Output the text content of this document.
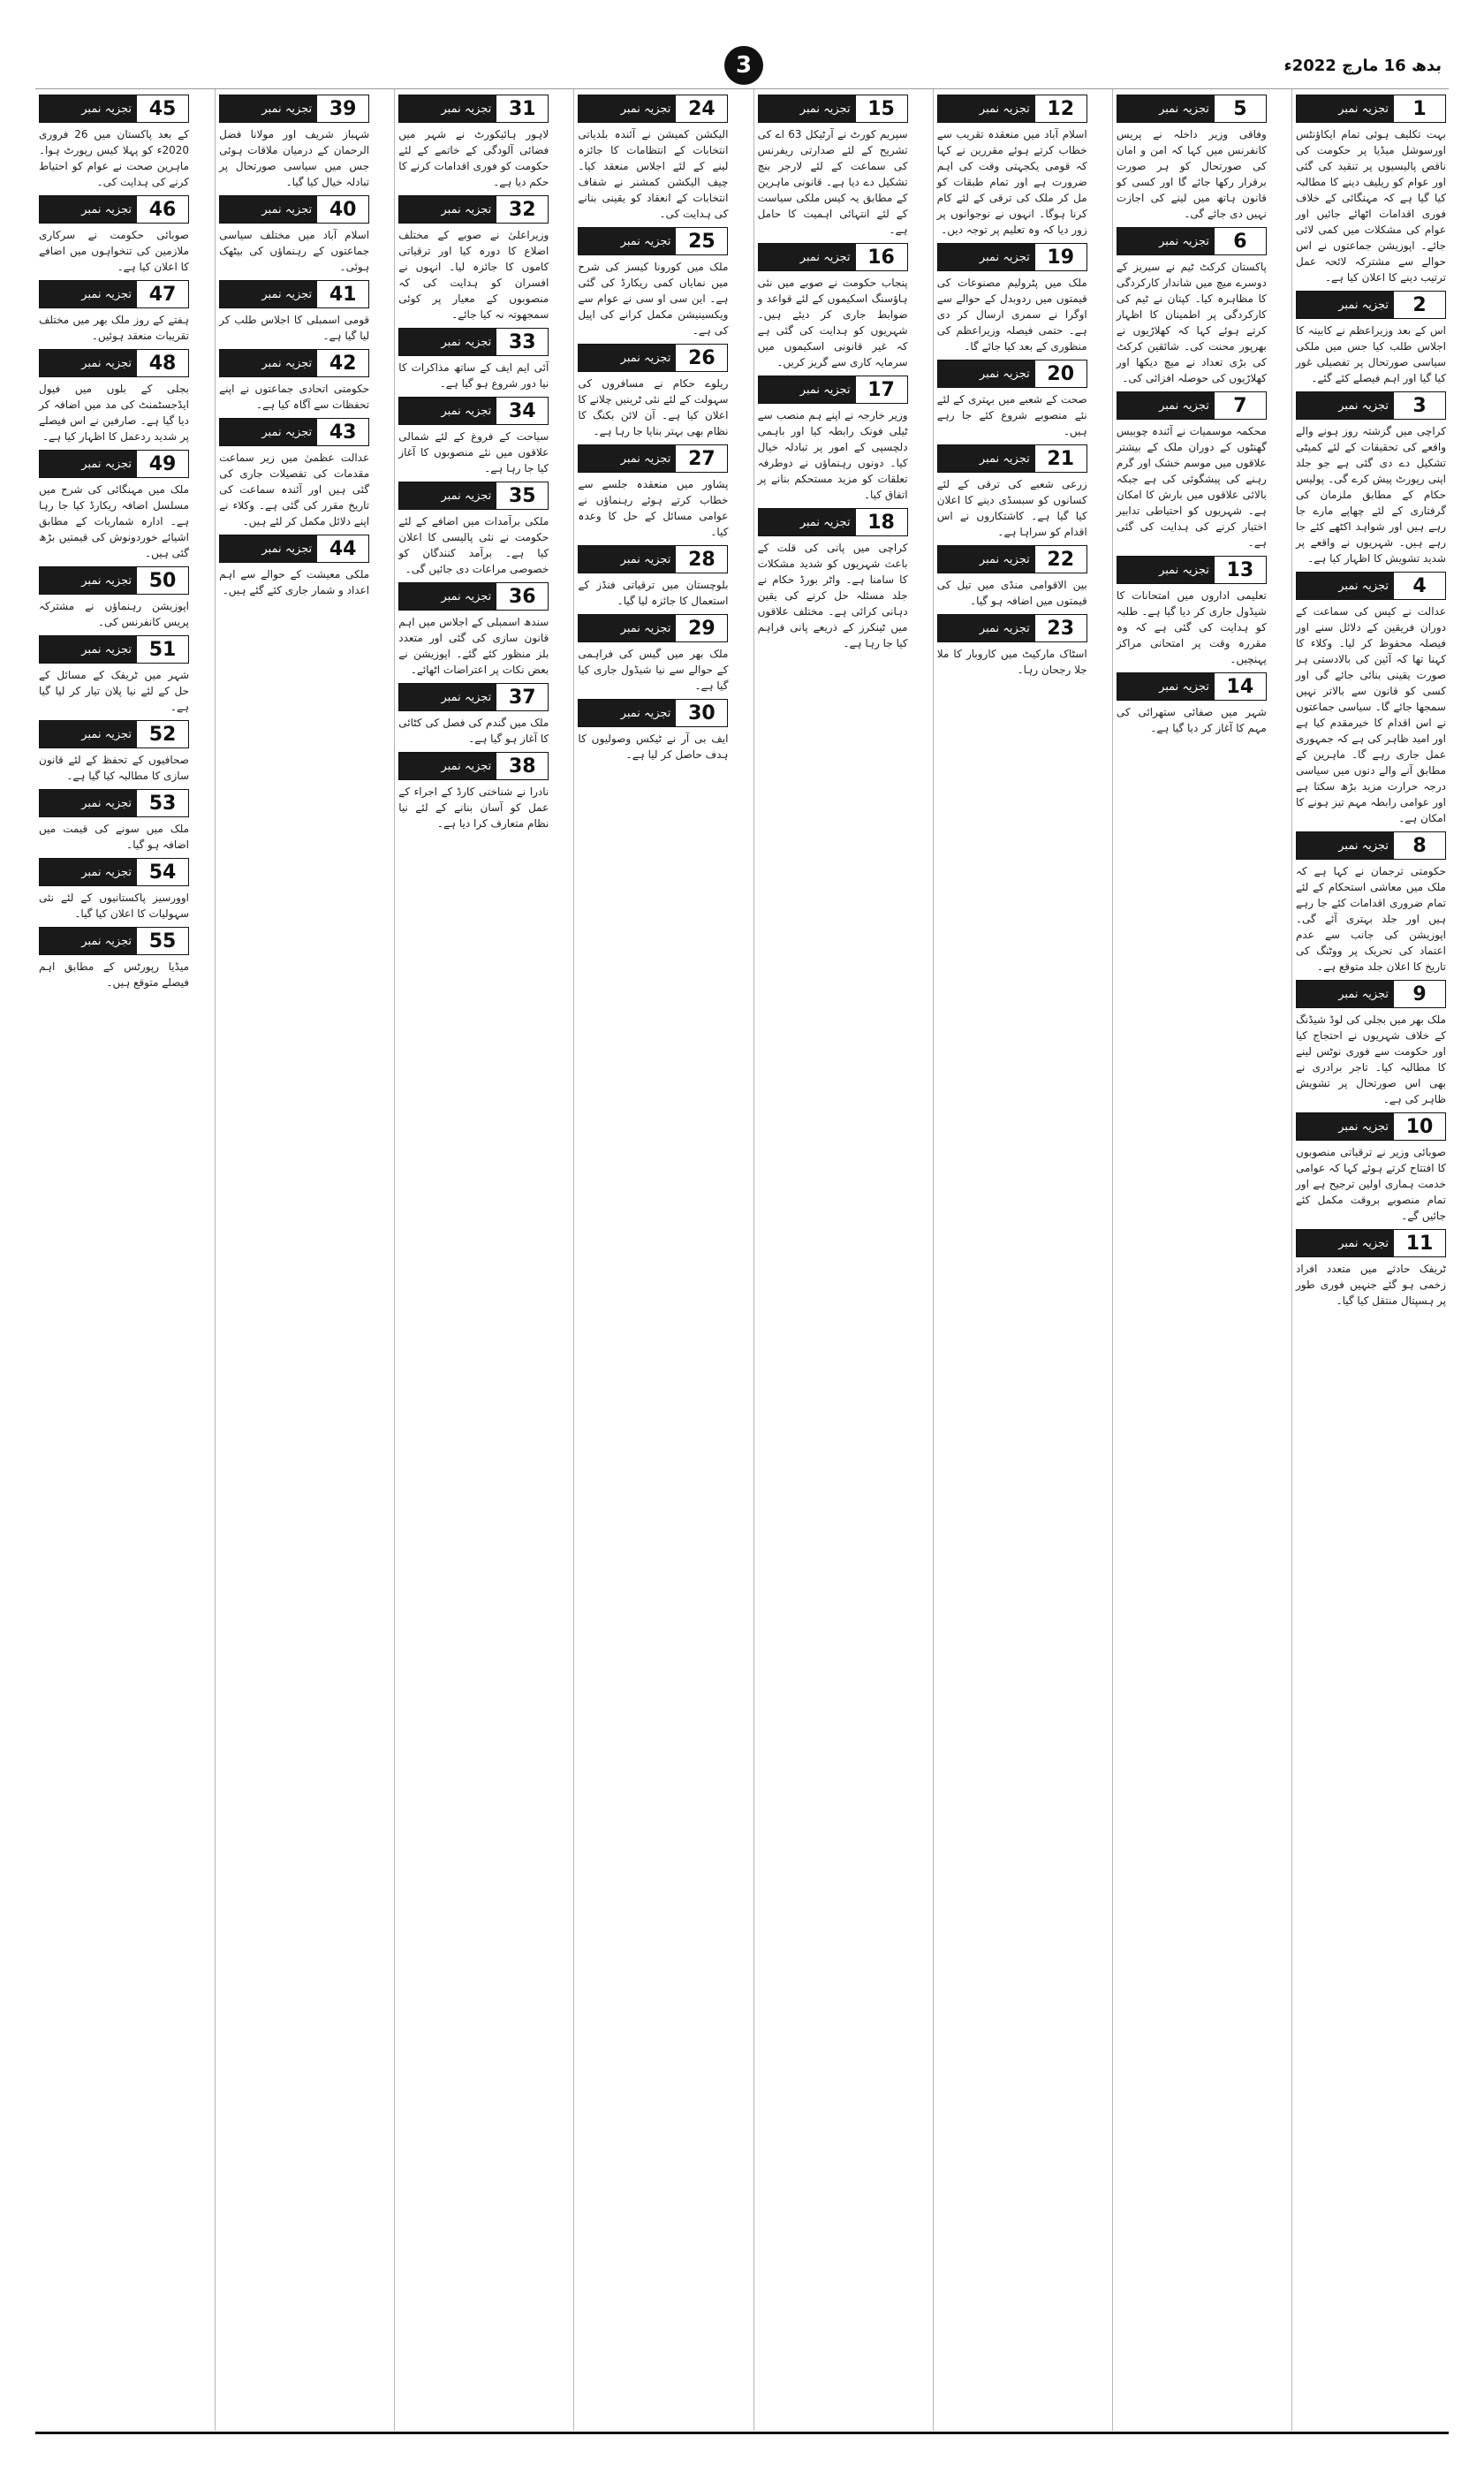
3	بدھ 16 مارچ 2022ء
تجزیہ نمبر	1

بہت تکلیف ہوئی تمام ایکاؤنٹس اورسوشل میڈیا پر حکومت کی ناقص پالیسیوں پر تنقید کی گئی اور عوام کو ریلیف دینے کا مطالبہ کیا گیا ہے کہ مہنگائی کے خلاف فوری اقدامات اٹھائے جائیں اور عوام کی مشکلات میں کمی لائی جائے۔ اپوزیشن جماعتوں نے اس حوالے سے مشترکہ لائحہ عمل ترتیب دینے کا اعلان کیا ہے۔

تجزیہ نمبر	2

اس کے بعد وزیراعظم نے کابینہ کا اجلاس طلب کیا جس میں ملکی سیاسی صورتحال پر تفصیلی غور کیا گیا اور اہم فیصلے کئے گئے۔

تجزیہ نمبر	3

کراچی میں گزشتہ روز ہونے والے واقعے کی تحقیقات کے لئے کمیٹی تشکیل دے دی گئی ہے جو جلد اپنی رپورٹ پیش کرے گی۔ پولیس حکام کے مطابق ملزمان کی گرفتاری کے لئے چھاپے مارے جا رہے ہیں اور شواہد اکٹھے کئے جا رہے ہیں۔ شہریوں نے واقعے پر شدید تشویش کا اظہار کیا ہے۔

تجزیہ نمبر	4

عدالت نے کیس کی سماعت کے دوران فریقین کے دلائل سنے اور فیصلہ محفوظ کر لیا۔ وکلاء کا کہنا تھا کہ آئین کی بالادستی ہر صورت یقینی بنائی جائے گی اور کسی کو قانون سے بالاتر نہیں سمجھا جائے گا۔ سیاسی جماعتوں نے اس اقدام کا خیرمقدم کیا ہے اور امید ظاہر کی ہے کہ جمہوری عمل جاری رہے گا۔ ماہرین کے مطابق آنے والے دنوں میں سیاسی درجہ حرارت مزید بڑھ سکتا ہے اور عوامی رابطہ مہم تیز ہونے کا امکان ہے۔

تجزیہ نمبر	8

حکومتی ترجمان نے کہا ہے کہ ملک میں معاشی استحکام کے لئے تمام ضروری اقدامات کئے جا رہے ہیں اور جلد بہتری آئے گی۔ اپوزیشن کی جانب سے عدم اعتماد کی تحریک پر ووٹنگ کی تاریخ کا اعلان جلد متوقع ہے۔

تجزیہ نمبر	9

ملک بھر میں بجلی کی لوڈ شیڈنگ کے خلاف شہریوں نے احتجاج کیا اور حکومت سے فوری نوٹس لینے کا مطالبہ کیا۔ تاجر برادری نے بھی اس صورتحال پر تشویش ظاہر کی ہے۔

تجزیہ نمبر 10

صوبائی وزیر نے ترقیاتی منصوبوں کا افتتاح کرتے ہوئے کہا کہ عوامی خدمت ہماری اولین ترجیح ہے اور تمام منصوبے بروقت مکمل کئے جائیں گے۔

تجزیہ نمبر 11

ٹریفک حادثے میں متعدد افراد زخمی ہو گئے جنہیں فوری طور پر ہسپتال منتقل کیا گیا۔

تجزیہ نمبر	5

وفاقی وزیر داخلہ نے پریس کانفرنس میں کہا کہ امن و امان کی صورتحال کو ہر صورت برقرار رکھا جائے گا اور کسی کو قانون ہاتھ میں لینے کی اجازت نہیں دی جائے گی۔

تجزیہ نمبر	6

پاکستان کرکٹ ٹیم نے سیریز کے دوسرے میچ میں شاندار کارکردگی کا مظاہرہ کیا۔ کپتان نے ٹیم کی کارکردگی پر اطمینان کا اظہار کرتے ہوئے کہا کہ کھلاڑیوں نے بھرپور محنت کی۔ شائقین کرکٹ کی بڑی تعداد نے میچ دیکھا اور کھلاڑیوں کی حوصلہ افزائی کی۔

تجزیہ نمبر	7

محکمہ موسمیات نے آئندہ چوبیس گھنٹوں کے دوران ملک کے بیشتر علاقوں میں موسم خشک اور گرم رہنے کی پیشگوئی کی ہے جبکہ بالائی علاقوں میں بارش کا امکان ہے۔ شہریوں کو احتیاطی تدابیر اختیار کرنے کی ہدایت کی گئی ہے۔

تجزیہ نمبر 13

تعلیمی اداروں میں امتحانات کا شیڈول جاری کر دیا گیا ہے۔ طلبہ کو ہدایت کی گئی ہے کہ وہ مقررہ وقت پر امتحانی مراکز پہنچیں۔

تجزیہ نمبر 14

شہر میں صفائی ستھرائی کی مہم کا آغاز کر دیا گیا ہے۔

تجزیہ نمبر 12

اسلام آباد میں منعقدہ تقریب سے خطاب کرتے ہوئے مقررین نے کہا کہ قومی یکجہتی وقت کی اہم ضرورت ہے اور تمام طبقات کو مل کر ملک کی ترقی کے لئے کام کرنا ہوگا۔ انہوں نے نوجوانوں پر زور دیا کہ وہ تعلیم پر توجہ دیں۔

تجزیہ نمبر 19

ملک میں پٹرولیم مصنوعات کی قیمتوں میں ردوبدل کے حوالے سے اوگرا نے سمری ارسال کر دی ہے۔ حتمی فیصلہ وزیراعظم کی منظوری کے بعد کیا جائے گا۔

تجزیہ نمبر 20

صحت کے شعبے میں بہتری کے لئے نئے منصوبے شروع کئے جا رہے ہیں۔

تجزیہ نمبر 21

زرعی شعبے کی ترقی کے لئے کسانوں کو سبسڈی دینے کا اعلان کیا گیا ہے۔ کاشتکاروں نے اس اقدام کو سراہا ہے۔

تجزیہ نمبر 22

بین الاقوامی منڈی میں تیل کی قیمتوں میں اضافہ ہو گیا۔

تجزیہ نمبر 23

اسٹاک مارکیٹ میں کاروبار کا ملا جلا رجحان رہا۔

تجزیہ نمبر 15

سپریم کورٹ نے آرٹیکل 63 اے کی تشریح کے لئے صدارتی ریفرنس کی سماعت کے لئے لارجر بنچ تشکیل دے دیا ہے۔ قانونی ماہرین کے مطابق یہ کیس ملکی سیاست کے لئے انتہائی اہمیت کا حامل ہے۔

تجزیہ نمبر 16

پنجاب حکومت نے صوبے میں نئی ہاؤسنگ اسکیموں کے لئے قواعد و ضوابط جاری کر دیئے ہیں۔ شہریوں کو ہدایت کی گئی ہے کہ غیر قانونی اسکیموں میں سرمایہ کاری سے گریز کریں۔

تجزیہ نمبر 17

وزیر خارجہ نے اپنے ہم منصب سے ٹیلی فونک رابطہ کیا اور باہمی دلچسپی کے امور پر تبادلہ خیال کیا۔ دونوں رہنماؤں نے دوطرفہ تعلقات کو مزید مستحکم بنانے پر اتفاق کیا۔

تجزیہ نمبر 18

کراچی میں پانی کی قلت کے باعث شہریوں کو شدید مشکلات کا سامنا ہے۔ واٹر بورڈ حکام نے جلد مسئلہ حل کرنے کی یقین دہانی کرائی ہے۔ مختلف علاقوں میں ٹینکرز کے ذریعے پانی فراہم کیا جا رہا ہے۔

تجزیہ نمبر 24

الیکشن کمیشن نے آئندہ بلدیاتی انتخابات کے انتظامات کا جائزہ لینے کے لئے اجلاس منعقد کیا۔ چیف الیکشن کمشنر نے شفاف انتخابات کے انعقاد کو یقینی بنانے کی ہدایت کی۔

تجزیہ نمبر 25

ملک میں کورونا کیسز کی شرح میں نمایاں کمی ریکارڈ کی گئی ہے۔ این سی او سی نے عوام سے ویکسینیشن مکمل کرانے کی اپیل کی ہے۔

تجزیہ نمبر 26

ریلوے حکام نے مسافروں کی سہولت کے لئے نئی ٹرینیں چلانے کا اعلان کیا ہے۔ آن لائن بکنگ کا نظام بھی بہتر بنایا جا رہا ہے۔

تجزیہ نمبر 27

پشاور میں منعقدہ جلسے سے خطاب کرتے ہوئے رہنماؤں نے عوامی مسائل کے حل کا وعدہ کیا۔

تجزیہ نمبر 28

بلوچستان میں ترقیاتی فنڈز کے استعمال کا جائزہ لیا گیا۔

تجزیہ نمبر 29

ملک بھر میں گیس کی فراہمی کے حوالے سے نیا شیڈول جاری کیا گیا ہے۔

تجزیہ نمبر 30

ایف بی آر نے ٹیکس وصولیوں کا ہدف حاصل کر لیا ہے۔

تجزیہ نمبر 31

لاہور ہائیکورٹ نے شہر میں فضائی آلودگی کے خاتمے کے لئے حکومت کو فوری اقدامات کرنے کا حکم دیا ہے۔

تجزیہ نمبر 32

وزیراعلیٰ نے صوبے کے مختلف اضلاع کا دورہ کیا اور ترقیاتی کاموں کا جائزہ لیا۔ انہوں نے افسران کو ہدایت کی کہ منصوبوں کے معیار پر کوئی سمجھوتہ نہ کیا جائے۔

تجزیہ نمبر 33

آئی ایم ایف کے ساتھ مذاکرات کا نیا دور شروع ہو گیا ہے۔

تجزیہ نمبر 34

سیاحت کے فروغ کے لئے شمالی علاقوں میں نئے منصوبوں کا آغاز کیا جا رہا ہے۔

تجزیہ نمبر 35

ملکی برآمدات میں اضافے کے لئے حکومت نے نئی پالیسی کا اعلان کیا ہے۔ برآمد کنندگان کو خصوصی مراعات دی جائیں گی۔

تجزیہ نمبر 36

سندھ اسمبلی کے اجلاس میں اہم قانون سازی کی گئی اور متعدد بلز منظور کئے گئے۔ اپوزیشن نے بعض نکات پر اعتراضات اٹھائے۔

تجزیہ نمبر 37

ملک میں گندم کی فصل کی کٹائی کا آغاز ہو گیا ہے۔

تجزیہ نمبر 38

نادرا نے شناختی کارڈ کے اجراء کے عمل کو آسان بنانے کے لئے نیا نظام متعارف کرا دیا ہے۔

تجزیہ نمبر 39

شہباز شریف اور مولانا فضل الرحمان کے درمیان ملاقات ہوئی جس میں سیاسی صورتحال پر تبادلہ خیال کیا گیا۔

تجزیہ نمبر 40

اسلام آباد میں مختلف سیاسی جماعتوں کے رہنماؤں کی بیٹھک ہوئی۔

تجزیہ نمبر 41

قومی اسمبلی کا اجلاس طلب کر لیا گیا ہے۔

تجزیہ نمبر 42

حکومتی اتحادی جماعتوں نے اپنے تحفظات سے آگاہ کیا ہے۔

تجزیہ نمبر 43

عدالت عظمیٰ میں زیر سماعت مقدمات کی تفصیلات جاری کی گئی ہیں اور آئندہ سماعت کی تاریخ مقرر کی گئی ہے۔ وکلاء نے اپنے دلائل مکمل کر لئے ہیں۔

تجزیہ نمبر 44

ملکی معیشت کے حوالے سے اہم اعداد و شمار جاری کئے گئے ہیں۔

تجزیہ نمبر 45

کے بعد پاکستان میں 26 فروری 2020ء کو پہلا کیس رپورٹ ہوا۔ ماہرین صحت نے عوام کو احتیاط کرنے کی ہدایت کی۔

تجزیہ نمبر 46

صوبائی حکومت نے سرکاری ملازمین کی تنخواہوں میں اضافے کا اعلان کیا ہے۔

تجزیہ نمبر 47

ہفتے کے روز ملک بھر میں مختلف تقریبات منعقد ہوئیں۔

تجزیہ نمبر 48

بجلی کے بلوں میں فیول ایڈجسٹمنٹ کی مد میں اضافہ کر دیا گیا ہے۔ صارفین نے اس فیصلے پر شدید ردعمل کا اظہار کیا ہے۔

تجزیہ نمبر 49

ملک میں مہنگائی کی شرح میں مسلسل اضافہ ریکارڈ کیا جا رہا ہے۔ ادارہ شماریات کے مطابق اشیائے خوردونوش کی قیمتیں بڑھ گئی ہیں۔

تجزیہ نمبر 50

اپوزیشن رہنماؤں نے مشترکہ پریس کانفرنس کی۔

تجزیہ نمبر 51

شہر میں ٹریفک کے مسائل کے حل کے لئے نیا پلان تیار کر لیا گیا ہے۔

تجزیہ نمبر 52

صحافیوں کے تحفظ کے لئے قانون سازی کا مطالبہ کیا گیا ہے۔

تجزیہ نمبر 53

ملک میں سونے کی قیمت میں اضافہ ہو گیا۔

تجزیہ نمبر 54

اوورسیز پاکستانیوں کے لئے نئی سہولیات کا اعلان کیا گیا۔

تجزیہ نمبر 55

میڈیا رپورٹس کے مطابق اہم فیصلے متوقع ہیں۔
